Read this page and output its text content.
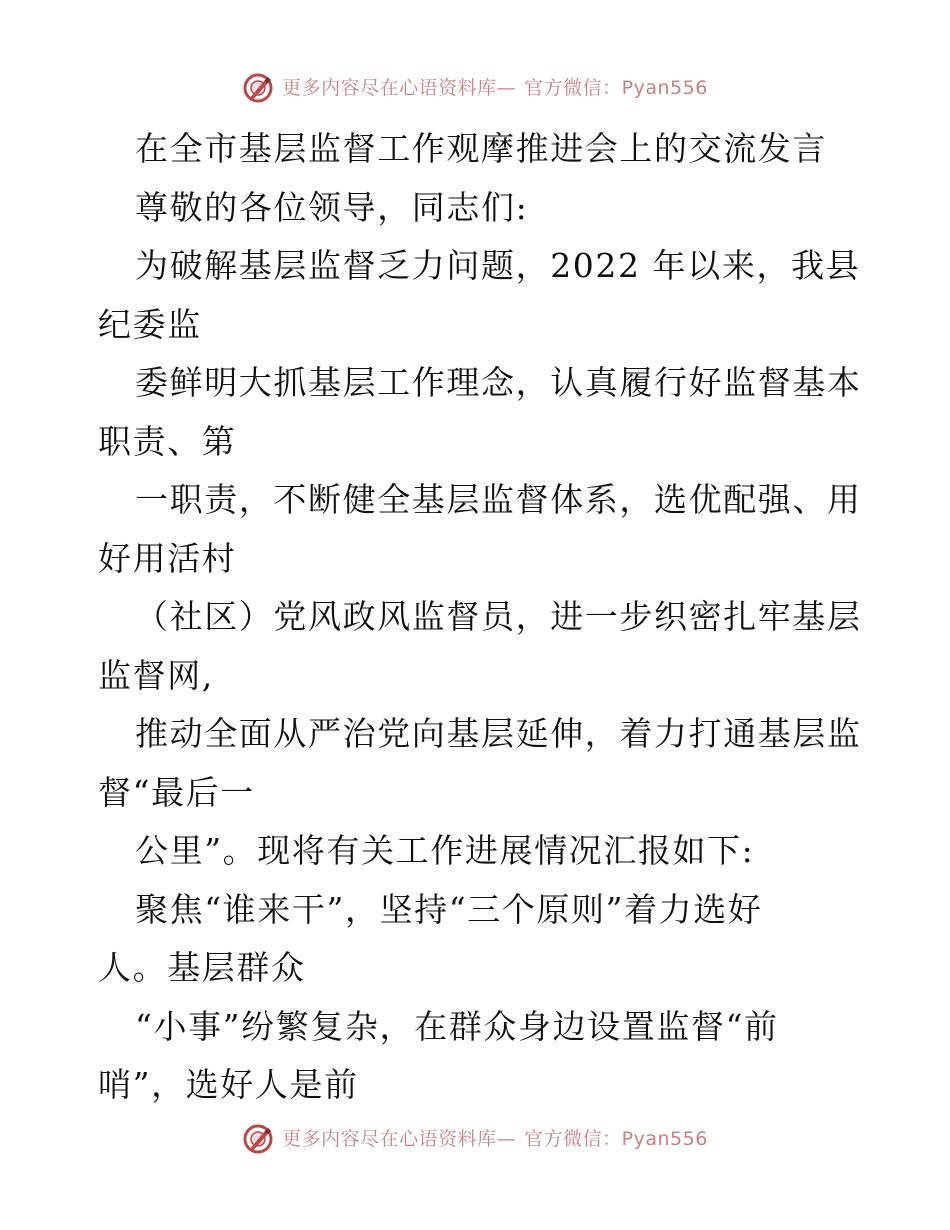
更多内容尽在心语资料库— 官方微信：Pyan556

在全市基层监督工作观摩推进会上的交流发言

尊敬的各位领导，同志们:

为破解基层监督乏力问题，2022 年以来，我县

纪委监

委鲜明大抓基层工作理念，认真履行好监督基本

职责、第

一职责，不断健全基层监督体系，选优配强、用

好用活村

（社区）党风政风监督员，进一步织密扎牢基层

监督网,

推动全面从严治党向基层延伸，着力打通基层监

督“最后一

公里”。现将有关工作进展情况汇报如下:

聚焦“谁来干”，坚持“三个原则”着力选好

人。基层群众

“小事”纷繁复杂，在群众身边设置监督“前

哨”，选好人是前

更多内容尽在心语资料库— 官方微信：Pyan556
